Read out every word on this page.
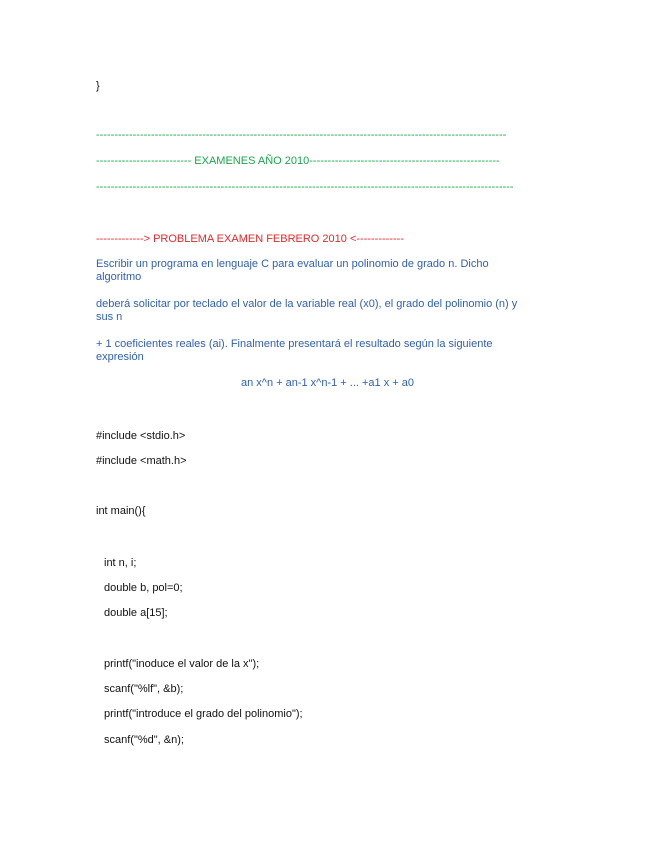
}
----------------------------------------------------------------------------------------------------------------
-------------------------- EXAMENES AÑO 2010----------------------------------------------------
------------------------------------------------------------------------------------------------------------------
-------------> PROBLEMA EXAMEN FEBRERO 2010 <-------------
Escribir un programa en lenguaje C para evaluar un polinomio de grado n. Dicho algoritmo
deberá solicitar por teclado el valor de la variable real (x0), el grado del polinomio (n) y sus n
+ 1 coeficientes reales (ai). Finalmente presentará el resultado según la siguiente expresión
an x^n + an-1 x^n-1 + ... +a1 x + a0
#include <stdio.h>
#include <math.h>
int main(){
int n, i;
double b, pol=0;
double a[15];
printf("inoduce el valor de la x");
scanf("%lf", &b);
printf("introduce el grado del polinomio");
scanf("%d", &n);
